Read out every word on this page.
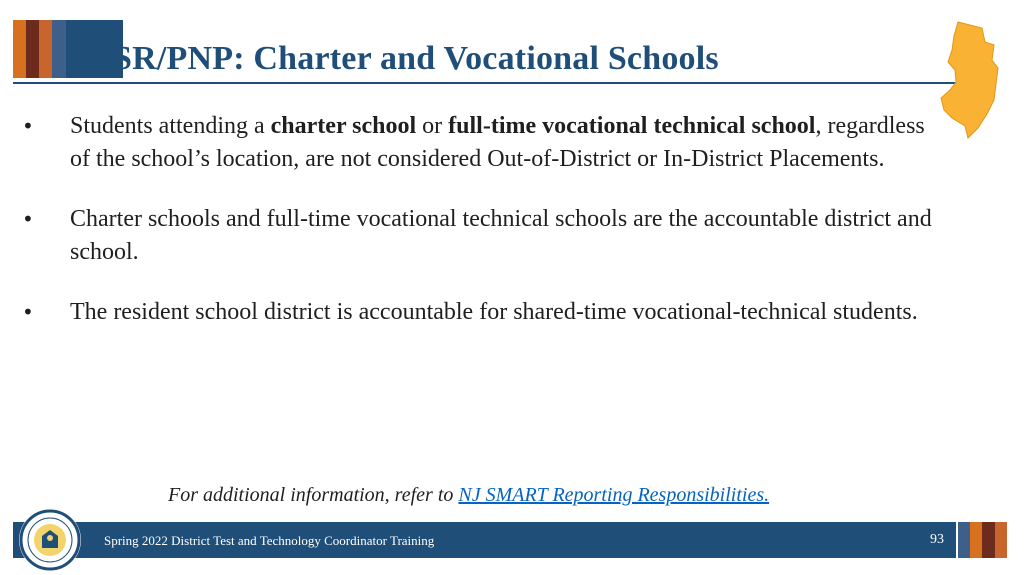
SR/PNP: Charter and Vocational Schools
• Students attending a charter school or full-time vocational technical school, regardless of the school’s location, are not considered Out-of-District or In-District Placements.
• Charter schools and full-time vocational technical schools are the accountable district and school.
• The resident school district is accountable for shared-time vocational-technical students.
For additional information, refer to NJ SMART Reporting Responsibilities.
Spring 2022 District Test and Technology Coordinator Training	93
